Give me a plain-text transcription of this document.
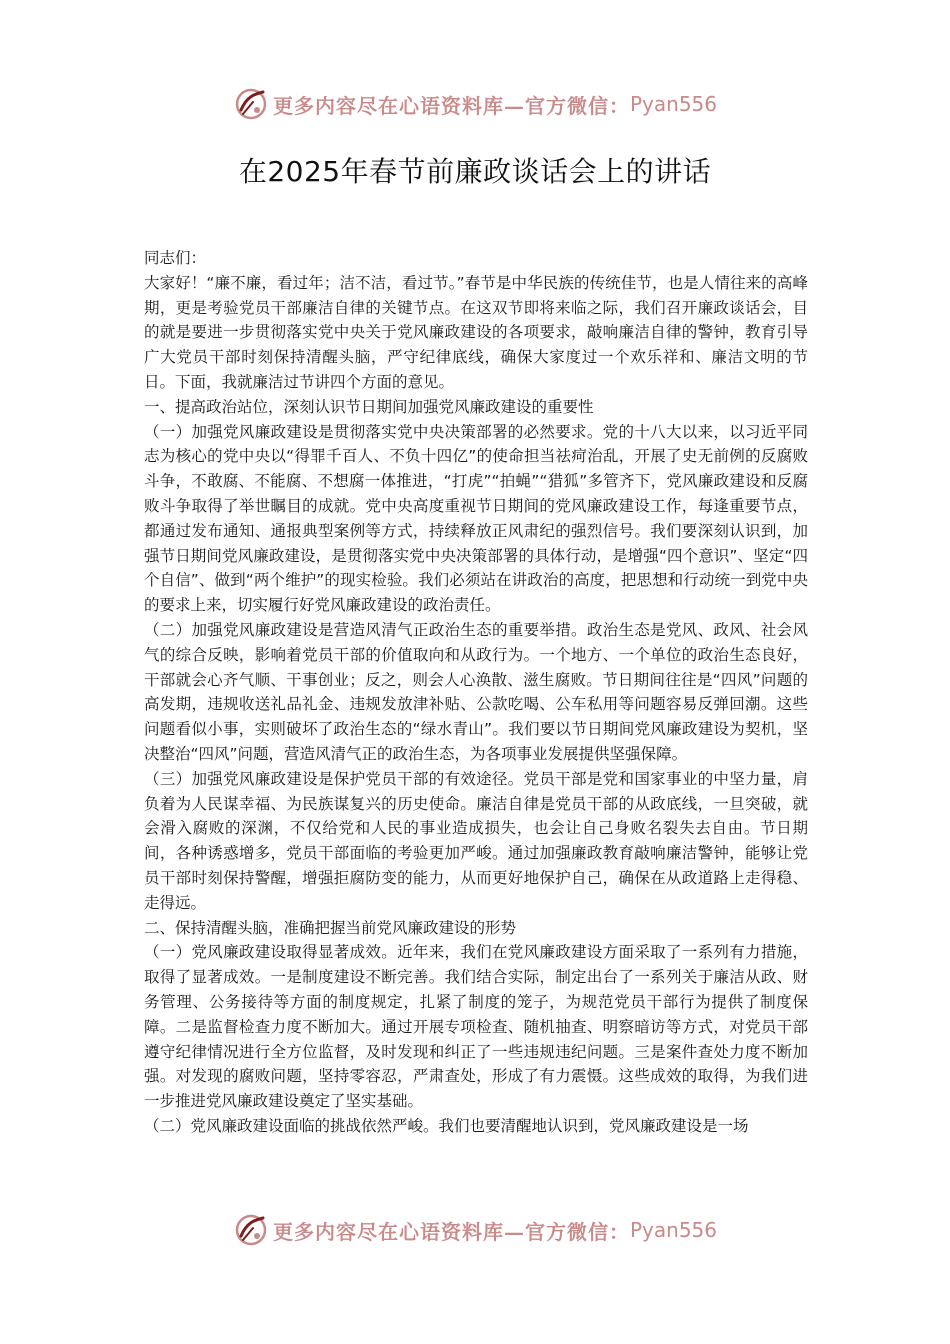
更多内容尽在心语资料库—官方微信： Pyan556
在2025年春节前廉政谈话会上的讲话

同志们：

大家好！“廉不廉，看过年；洁不洁，看过节。”春节是中华民族的传统佳节，也是人情往来的高峰期，更是考验党员干部廉洁自律的关键节点。在这双节即将来临之际，我们召开廉政谈话会，目的就是要进一步贯彻落实党中央关于党风廉政建设的各项要求，敲响廉洁自律的警钟，教育引导广大党员干部时刻保持清醒头脑，严守纪律底线，确保大家度过一个欢乐祥和、廉洁文明的节日。下面，我就廉洁过节讲四个方面的意见。

一、提高政治站位，深刻认识节日期间加强党风廉政建设的重要性

（一）加强党风廉政建设是贯彻落实党中央决策部署的必然要求。党的十八大以来，以习近平同志为核心的党中央以“得罪千百人、不负十四亿”的使命担当祛疴治乱，开展了史无前例的反腐败斗争，不敢腐、不能腐、不想腐一体推进，“打虎”“拍蝇”“猎狐”多管齐下，党风廉政建设和反腐败斗争取得了举世瞩目的成就。党中央高度重视节日期间的党风廉政建设工作，每逢重要节点，都通过发布通知、通报典型案例等方式，持续释放正风肃纪的强烈信号。我们要深刻认识到，加强节日期间党风廉政建设，是贯彻落实党中央决策部署的具体行动，是增强“四个意识”、坚定“四个自信”、做到“两个维护”的现实检验。我们必须站在讲政治的高度，把思想和行动统一到党中央的要求上来，切实履行好党风廉政建设的政治责任。

（二）加强党风廉政建设是营造风清气正政治生态的重要举措。政治生态是党风、政风、社会风气的综合反映，影响着党员干部的价值取向和从政行为。一个地方、一个单位的政治生态良好，干部就会心齐气顺、干事创业；反之，则会人心涣散、滋生腐败。节日期间往往是“四风”问题的高发期，违规收送礼品礼金、违规发放津补贴、公款吃喝、公车私用等问题容易反弹回潮。这些问题看似小事，实则破坏了政治生态的“绿水青山”。我们要以节日期间党风廉政建设为契机，坚决整治“四风”问题，营造风清气正的政治生态，为各项事业发展提供坚强保障。

（三）加强党风廉政建设是保护党员干部的有效途径。党员干部是党和国家事业的中坚力量，肩负着为人民谋幸福、为民族谋复兴的历史使命。廉洁自律是党员干部的从政底线，一旦突破，就会滑入腐败的深渊，不仅给党和人民的事业造成损失，也会让自己身败名裂失去自由。节日期间，各种诱惑增多，党员干部面临的考验更加严峻。通过加强廉政教育敲响廉洁警钟，能够让党员干部时刻保持警醒，增强拒腐防变的能力，从而更好地保护自己，确保在从政道路上走得稳、走得远。

二、保持清醒头脑，准确把握当前党风廉政建设的形势

（一）党风廉政建设取得显著成效。近年来，我们在党风廉政建设方面采取了一系列有力措施，取得了显著成效。一是制度建设不断完善。我们结合实际，制定出台了一系列关于廉洁从政、财务管理、公务接待等方面的制度规定，扎紧了制度的笼子，为规范党员干部行为提供了制度保障。二是监督检查力度不断加大。通过开展专项检查、随机抽查、明察暗访等方式，对党员干部遵守纪律情况进行全方位监督，及时发现和纠正了一些违规违纪问题。三是案件查处力度不断加强。对发现的腐败问题，坚持零容忍，严肃查处，形成了有力震慑。这些成效的取得，为我们进一步推进党风廉政建设奠定了坚实基础。

（二）党风廉政建设面临的挑战依然严峻。我们也要清醒地认识到，党风廉政建设是一场

更多内容尽在心语资料库—官方微信： Pyan556
